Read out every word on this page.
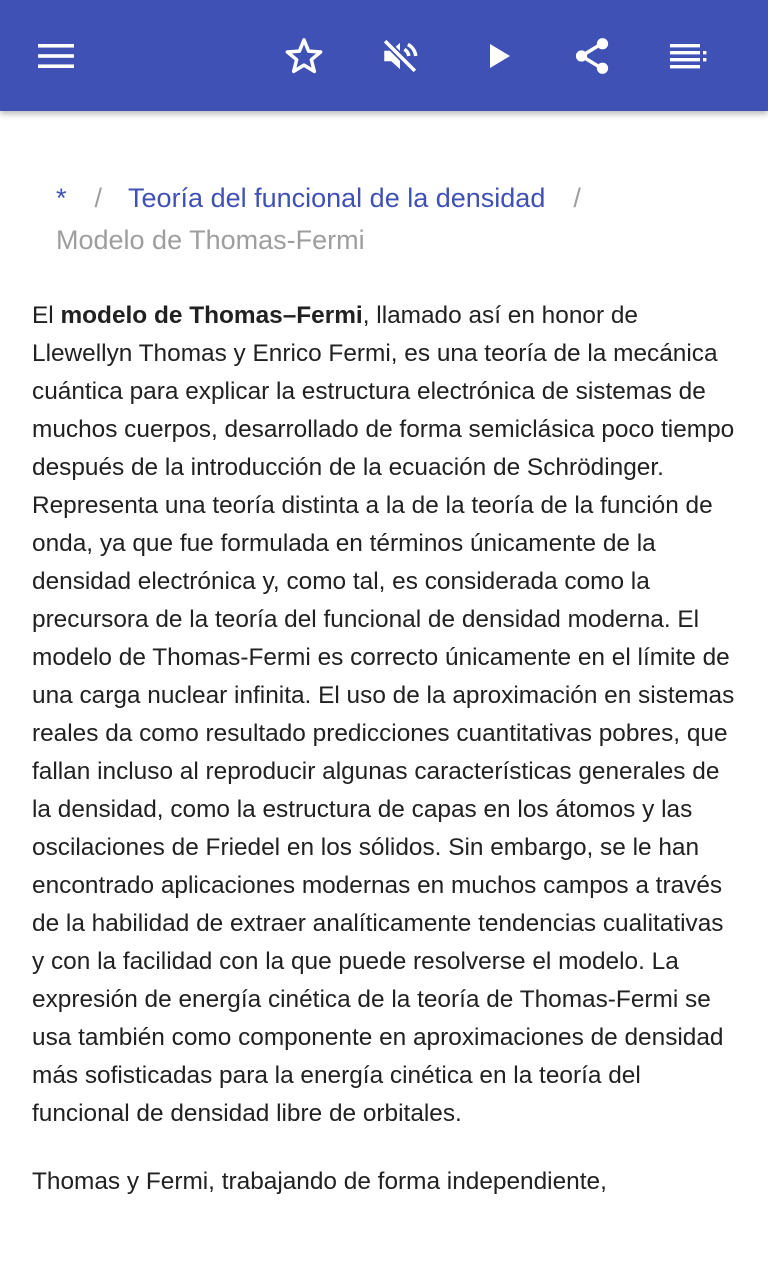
* / Teoría del funcional de la densidad /
Modelo de Thomas-Fermi

El modelo de Thomas–Fermi, llamado así en honor de Llewellyn Thomas y Enrico Fermi, es una teoría de la mecánica cuántica para explicar la estructura electrónica de sistemas de muchos cuerpos, desarrollado de forma semiclásica poco tiempo después de la introducción de la ecuación de Schrödinger. Representa una teoría distinta a la de la teoría de la función de onda, ya que fue formulada en términos únicamente de la densidad electrónica y, como tal, es considerada como la precursora de la teoría del funcional de densidad moderna. El modelo de Thomas-Fermi es correcto únicamente en el límite de una carga nuclear infinita. El uso de la aproximación en sistemas reales da como resultado predicciones cuantitativas pobres, que fallan incluso al reproducir algunas características generales de la densidad, como la estructura de capas en los átomos y las oscilaciones de Friedel en los sólidos. Sin embargo, se le han encontrado aplicaciones modernas en muchos campos a través de la habilidad de extraer analíticamente tendencias cualitativas y con la facilidad con la que puede resolverse el modelo. La expresión de energía cinética de la teoría de Thomas-Fermi se usa también como componente en aproximaciones de densidad más sofisticadas para la energía cinética en la teoría del funcional de densidad libre de orbitales.

Thomas y Fermi, trabajando de forma independiente,
